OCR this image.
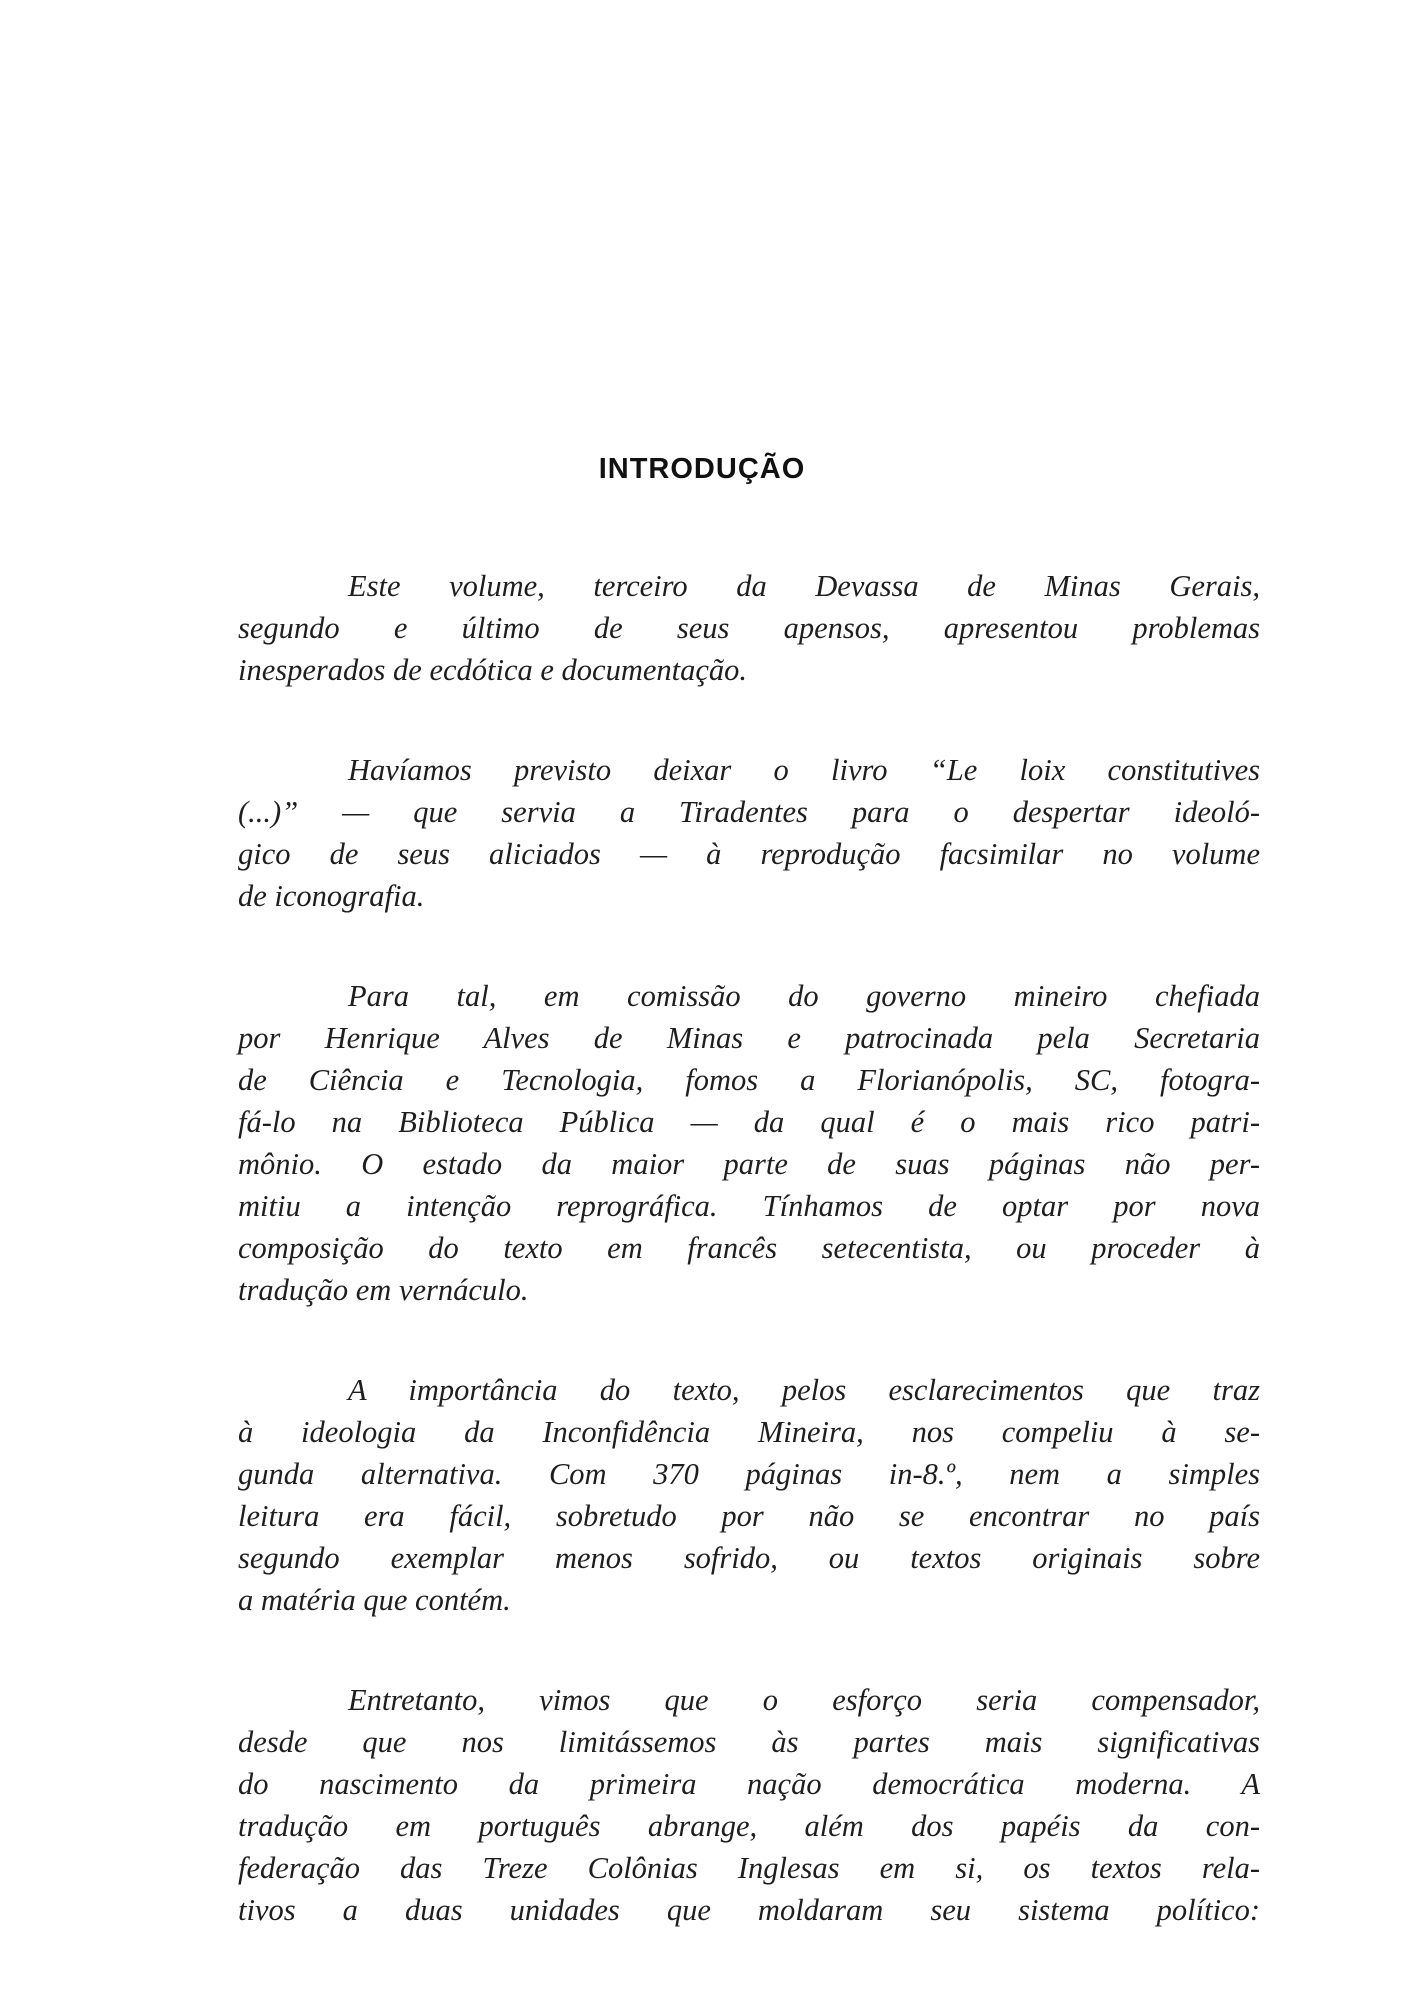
INTRODUÇÃO
Este volume, terceiro da Devassa de Minas Gerais,
segundo e último de seus apensos, apresentou problemas
inesperados de ecdótica e documentação.
Havíamos previsto deixar o livro “Le loix constitutives
(...)” — que servia a Tiradentes para o despertar ideoló-
gico de seus aliciados — à reprodução facsimilar no volume
de iconografia.
Para tal, em comissão do governo mineiro chefiada
por Henrique Alves de Minas e patrocinada pela Secretaria
de Ciência e Tecnologia, fomos a Florianópolis, SC, fotogra-
fá-lo na Biblioteca Pública — da qual é o mais rico patri-
mônio. O estado da maior parte de suas páginas não per-
mitiu a intenção reprográfica. Tínhamos de optar por nova
composição do texto em francês setecentista, ou proceder à
tradução em vernáculo.
A importância do texto, pelos esclarecimentos que traz
à ideologia da Inconfidência Mineira, nos compeliu à se-
gunda alternativa. Com 370 páginas in-8.º, nem a simples
leitura era fácil, sobretudo por não se encontrar no país
segundo exemplar menos sofrido, ou textos originais sobre
a matéria que contém.
Entretanto, vimos que o esforço seria compensador,
desde que nos limitássemos às partes mais significativas
do nascimento da primeira nação democrática moderna. A
tradução em português abrange, além dos papéis da con-
federação das Treze Colônias Inglesas em si, os textos rela-
tivos a duas unidades que moldaram seu sistema político:
